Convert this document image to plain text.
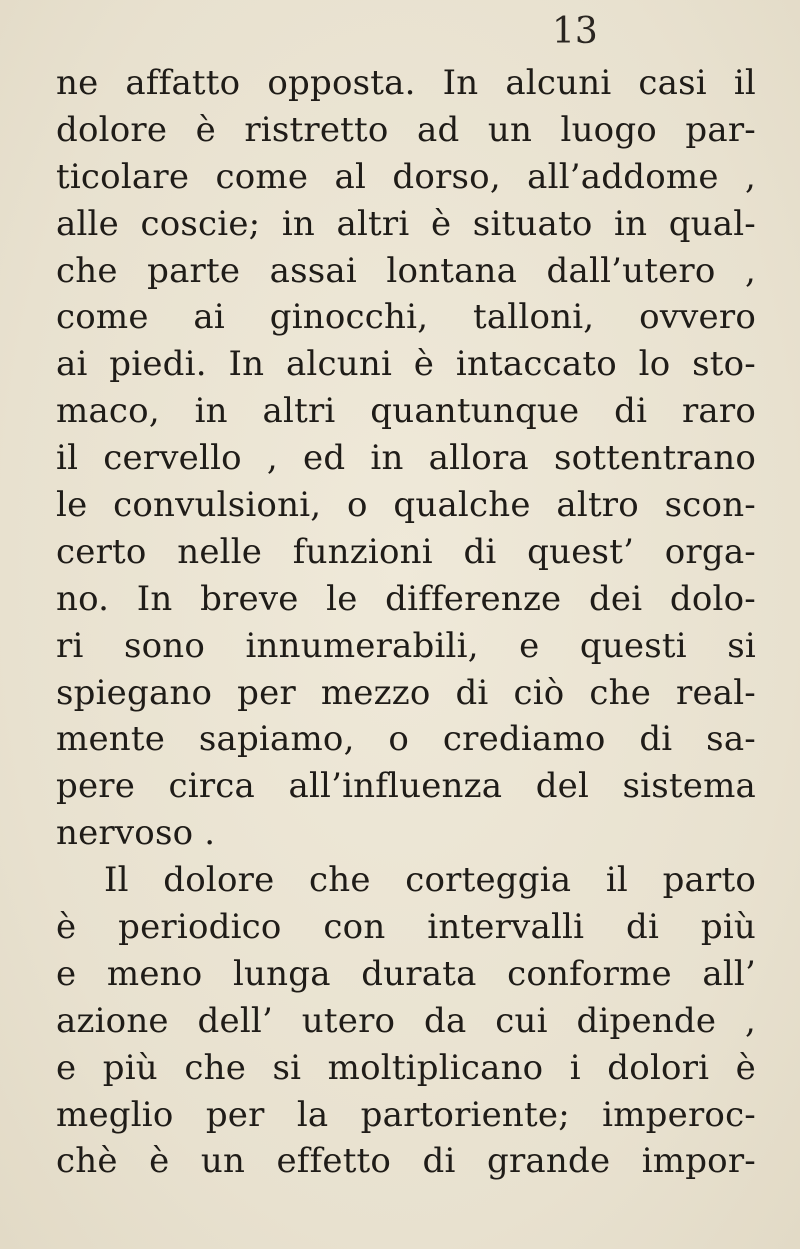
13
ne affatto opposta. In alcuni casi il
dolore è ristretto ad un luogo par-
ticolare come al dorso, all’addome ,
alle coscie; in altri è situato in qual-
che parte assai lontana dall’utero ,
come ai ginocchi, talloni, ovvero
ai piedi. In alcuni è intaccato lo sto-
maco, in altri quantunque di raro
il cervello , ed in allora sottentrano
le convulsioni, o qualche altro scon-
certo nelle funzioni di quest’ orga-
no. In breve le differenze dei dolo-
ri sono innumerabili, e questi si
spiegano per mezzo di ciò che real-
mente sapiamo, o crediamo di sa-
pere circa all’influenza del sistema
nervoso .
Il dolore che corteggia il parto
è periodico con intervalli di più
e meno lunga durata conforme all’
azione dell’ utero da cui dipende ,
e più che si moltiplicano i dolori è
meglio per la partoriente; imperoc-
chè è un effetto di grande impor-
